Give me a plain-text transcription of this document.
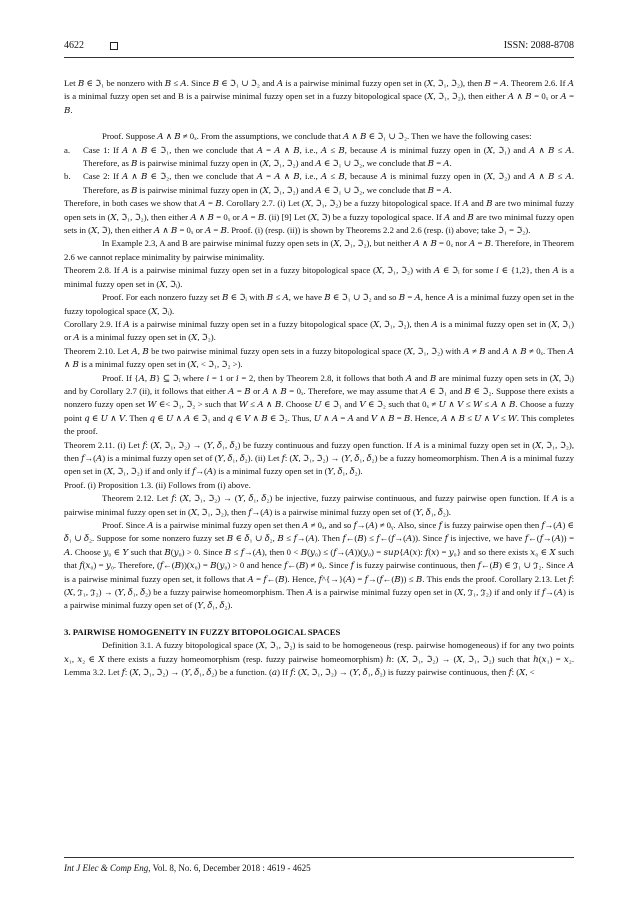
4622	ISSN: 2088-8708

Let 𝐵 ∈ ℑ₁ be nonzero with 𝐵 ≤ 𝐴. Since 𝐵 ∈ ℑ₁ ∪ ℑ₂ and 𝐴 is a pairwise minimal fuzzy open set in (𝑋, ℑ₁, ℑ₂), then 𝐵 = 𝐴. Theorem 2.6. If 𝐴 is a minimal fuzzy open set and B is a pairwise minimal fuzzy open set in a fuzzy bitopological space (𝑋, ℑ₁, ℑ₂), then either 𝐴 ∧ 𝐵 = 0ₓ or 𝐴 = 𝐵.

Proof. Suppose 𝐴 ∧ 𝐵 ≠ 0ₓ. From the assumptions, we conclude that 𝐴 ∧ 𝐵 ∈ ℑ₁ ∪ ℑ₂. Then we have the following cases:

a. Case 1: If 𝐴 ∧ 𝐵 ∈ ℑ₁, then we conclude that 𝐴 = 𝐴 ∧ 𝐵, i.e., 𝐴 ≤ 𝐵, because 𝐴 is minimal fuzzy open in (𝑋, ℑ₁) and 𝐴 ∧ 𝐵 ≤ 𝐴. Therefore, as 𝐵 is pairwise minimal fuzzy open in (𝑋, ℑ₁, ℑ₂) and 𝐴 ∈ ℑ₁ ∪ ℑ₂, we conclude that 𝐵 = 𝐴.

b. Case 2: If 𝐴 ∧ 𝐵 ∈ ℑ₂, then we conclude that 𝐴 = 𝐴 ∧ 𝐵, i.e., 𝐴 ≤ 𝐵, because 𝐴 is minimal fuzzy open in (𝑋, ℑ₂) and 𝐴 ∧ 𝐵 ≤ 𝐴. Therefore, as 𝐵 is pairwise minimal fuzzy open in (𝑋, ℑ₁, ℑ₂) and 𝐴 ∈ ℑ₁ ∪ ℑ₂, we conclude that 𝐵 = 𝐴.

Therefore, in both cases we show that 𝐴 = 𝐵. Corollary 2.7. (i) Let (𝑋, ℑ₁, ℑ₂) be a fuzzy bitopological space. If 𝐴 and 𝐵 are two minimal fuzzy open sets in (𝑋, ℑ₁, ℑ₂), then either 𝐴 ∧ 𝐵 = 0ₓ or 𝐴 = 𝐵. (ii) [9] Let (𝑋, ℑ) be a fuzzy topological space. If 𝐴 and 𝐵 are two minimal fuzzy open sets in (𝑋, ℑ), then either 𝐴 ∧ 𝐵 = 0ₓ or 𝐴 = 𝐵. Proof. (i) (resp. (ii)) is shown by Theorems 2.2 and 2.6 (resp. (i) above; take ℑ₁ = ℑ₂).

In Example 2.3, A and B are pairwise minimal fuzzy open sets in (𝑋, ℑ₁, ℑ₂), but neither 𝐴 ∧ 𝐵 = 0ₓ nor 𝐴 = 𝐵. Therefore, in Theorem 2.6 we cannot replace minimality by pairwise minimality.

Theorem 2.8. If 𝐴 is a pairwise minimal fuzzy open set in a fuzzy bitopological space (𝑋, ℑ₁, ℑ₂) with 𝐴 ∈ ℑᵢ for some 𝑖 ∈ {1,2}, then 𝐴 is a minimal fuzzy open set in (𝑋, ℑᵢ).

Proof. For each nonzero fuzzy set 𝐵 ∈ ℑᵢ with 𝐵 ≤ 𝐴, we have 𝐵 ∈ ℑ₁ ∪ ℑ₂ and so 𝐵 = 𝐴, hence 𝐴 is a minimal fuzzy open set in the fuzzy topological space (𝑋, ℑᵢ).

Corollary 2.9. If 𝐴 is a pairwise minimal fuzzy open set in a fuzzy bitopological space (𝑋, ℑ₁, ℑ₂), then 𝐴 is a minimal fuzzy open set in (𝑋, ℑ₁) or 𝐴 is a minimal fuzzy open set in (𝑋, ℑ₂).

Theorem 2.10. Let 𝐴, 𝐵 be two pairwise minimal fuzzy open sets in a fuzzy bitopological space (𝑋, ℑ₁, ℑ₂) with 𝐴 ≠ 𝐵 and 𝐴 ∧ 𝐵 ≠ 0ₓ. Then 𝐴 ∧ 𝐵 is a minimal fuzzy open set in (𝑋, < ℑ₁, ℑ₂ >).

Proof. If {𝐴, 𝐵} ⊆ ℑᵢ where 𝑖 = 1 or 𝑖 = 2, then by Theorem 2.8, it follows that both 𝐴 and 𝐵 are minimal fuzzy open sets in (𝑋, ℑᵢ) and by Corollary 2.7 (ii), it follows that either 𝐴 = 𝐵 or 𝐴 ∧ 𝐵 = 0ₓ. Therefore, we may assume that 𝐴 ∈ ℑ₁ and 𝐵 ∈ ℑ₂. Suppose there exists a nonzero fuzzy open set 𝑊 ∈< ℑ₁, ℑ₂ > such that 𝑊 ≤ 𝐴 ∧ 𝐵. Choose 𝑈 ∈ ℑ₁ and 𝑉 ∈ ℑ₂ such that 0ₓ ≠ 𝑈 ∧ 𝑉 ≤ 𝑊 ≤ 𝐴 ∧ 𝐵. Choose a fuzzy point 𝑞 ∈ 𝑈 ∧ 𝑉. Then 𝑞 ∈ 𝑈 ∧ 𝐴 ∈ ℑ₁ and 𝑞 ∈ 𝑉 ∧ 𝐵 ∈ ℑ₂. Thus, 𝑈 ∧ 𝐴 = 𝐴 and 𝑉 ∧ 𝐵 = 𝐵. Hence, 𝐴 ∧ 𝐵 ≤ 𝑈 ∧ 𝑉 ≤ 𝑊. This completes the proof.

Theorem 2.11. (i) Let 𝑓: (𝑋, ℑ₁, ℑ₂) → (𝑌, 𝛿₁, 𝛿₂) be fuzzy continuous and fuzzy open function. If 𝐴 is a minimal fuzzy open set in (𝑋, ℑ₁, ℑ₂), then 𝑓→(𝐴) is a minimal fuzzy open set of (𝑌, 𝛿₁, 𝛿₂). (ii) Let 𝑓: (𝑋, ℑ₁, ℑ₂) → (𝑌, 𝛿₁, 𝛿₂) be a fuzzy homeomorphism. Then 𝐴 is a minimal fuzzy open set in (𝑋, ℑ₁, ℑ₂) if and only if 𝑓→(𝐴) is a minimal fuzzy open set in (𝑌, 𝛿₁, 𝛿₂).

Proof. (i) Proposition 1.3. (ii) Follows from (i) above.

Theorem 2.12. Let 𝑓: (𝑋, ℑ₁, ℑ₂) → (𝑌, 𝛿₁, 𝛿₂) be injective, fuzzy pairwise continuous, and fuzzy pairwise open function. If 𝐴 is a pairwise minimal fuzzy open set in (𝑋, ℑ₁, ℑ₂), then 𝑓→(𝐴) is a pairwise minimal fuzzy open set of (𝑌, 𝛿₁, 𝛿₂).

Proof. Since 𝐴 is a pairwise minimal fuzzy open set then 𝐴 ≠ 0ₓ, and so 𝑓→(𝐴) ≠ 0ᵧ. Also, since 𝑓 is fuzzy pairwise open then 𝑓→(𝐴) ∈ 𝛿₁ ∪ 𝛿₂. Suppose for some nonzero fuzzy set 𝐵 ∈ 𝛿₁ ∪ 𝛿₂, 𝐵 ≤ 𝑓→(𝐴). Then 𝑓←(𝐵) ≤ 𝑓←(𝑓→(𝐴)). Since 𝑓 is injective, we have 𝑓←(𝑓→(𝐴)) = 𝐴. Choose 𝑦₀ ∈ 𝑌 such that 𝐵(𝑦₀) > 0. Since 𝐵 ≤ 𝑓→(𝐴), then 0 < 𝐵(𝑦₀) ≤ (𝑓→(𝐴))(𝑦₀) = 𝑠𝑢𝑝{𝐴(𝑥): 𝑓(𝑥) = 𝑦₀} and so there exists 𝑥₀ ∈ 𝑋 such that 𝑓(𝑥₀) = 𝑦₀. Therefore, (𝑓←(𝐵))(𝑥₀) = 𝐵(𝑦₀) > 0 and hence 𝑓←(𝐵) ≠ 0ₓ. Since 𝑓 is fuzzy pairwise continuous, then 𝑓←(𝐵) ∈ ℑ₁ ∪ ℑ₂. Since 𝐴 is a pairwise minimal fuzzy open set, it follows that 𝐴 = 𝑓←(𝐵). Hence, 𝑓^{→}(𝐴) = 𝑓→(𝑓←(𝐵)) ≤ 𝐵. This ends the proof. Corollary 2.13. Let 𝑓: (𝑋, ℑ₁, ℑ₂) → (𝑌, 𝛿₁, 𝛿₂) be a fuzzy pairwise homeomorphism. Then 𝐴 is a pairwise minimal fuzzy open set in (𝑋, ℑ₁, ℑ₂) if and only if 𝑓→(𝐴) is a pairwise minimal fuzzy open set of (𝑌, 𝛿₁, 𝛿₂).

3. PAIRWISE HOMOGENEITY IN FUZZY BITOPOLOGICAL SPACES

Definition 3.1. A fuzzy bitopological space (𝑋, ℑ₁, ℑ₂) is said to be homogeneous (resp. pairwise homogeneous) if for any two points 𝑥₁, 𝑥₂ ∈ 𝑋 there exists a fuzzy homeomorphism (resp. fuzzy pairwise homeomorphism) ℎ: (𝑋, ℑ₁, ℑ₂) → (𝑋, ℑ₁, ℑ₂) such that ℎ(𝑥₁) = 𝑥₂. Lemma 3.2. Let 𝑓: (𝑋, ℑ₁, ℑ₂) → (𝑌, 𝛿₁, 𝛿₂) be a function. (𝑎) If 𝑓: (𝑋, ℑ₁, ℑ₂) → (𝑌, 𝛿₁, 𝛿₂) is fuzzy pairwise continuous, then 𝑓: (𝑋, <

Int J Elec & Comp Eng, Vol. 8, No. 6, December 2018 : 4619 - 4625
